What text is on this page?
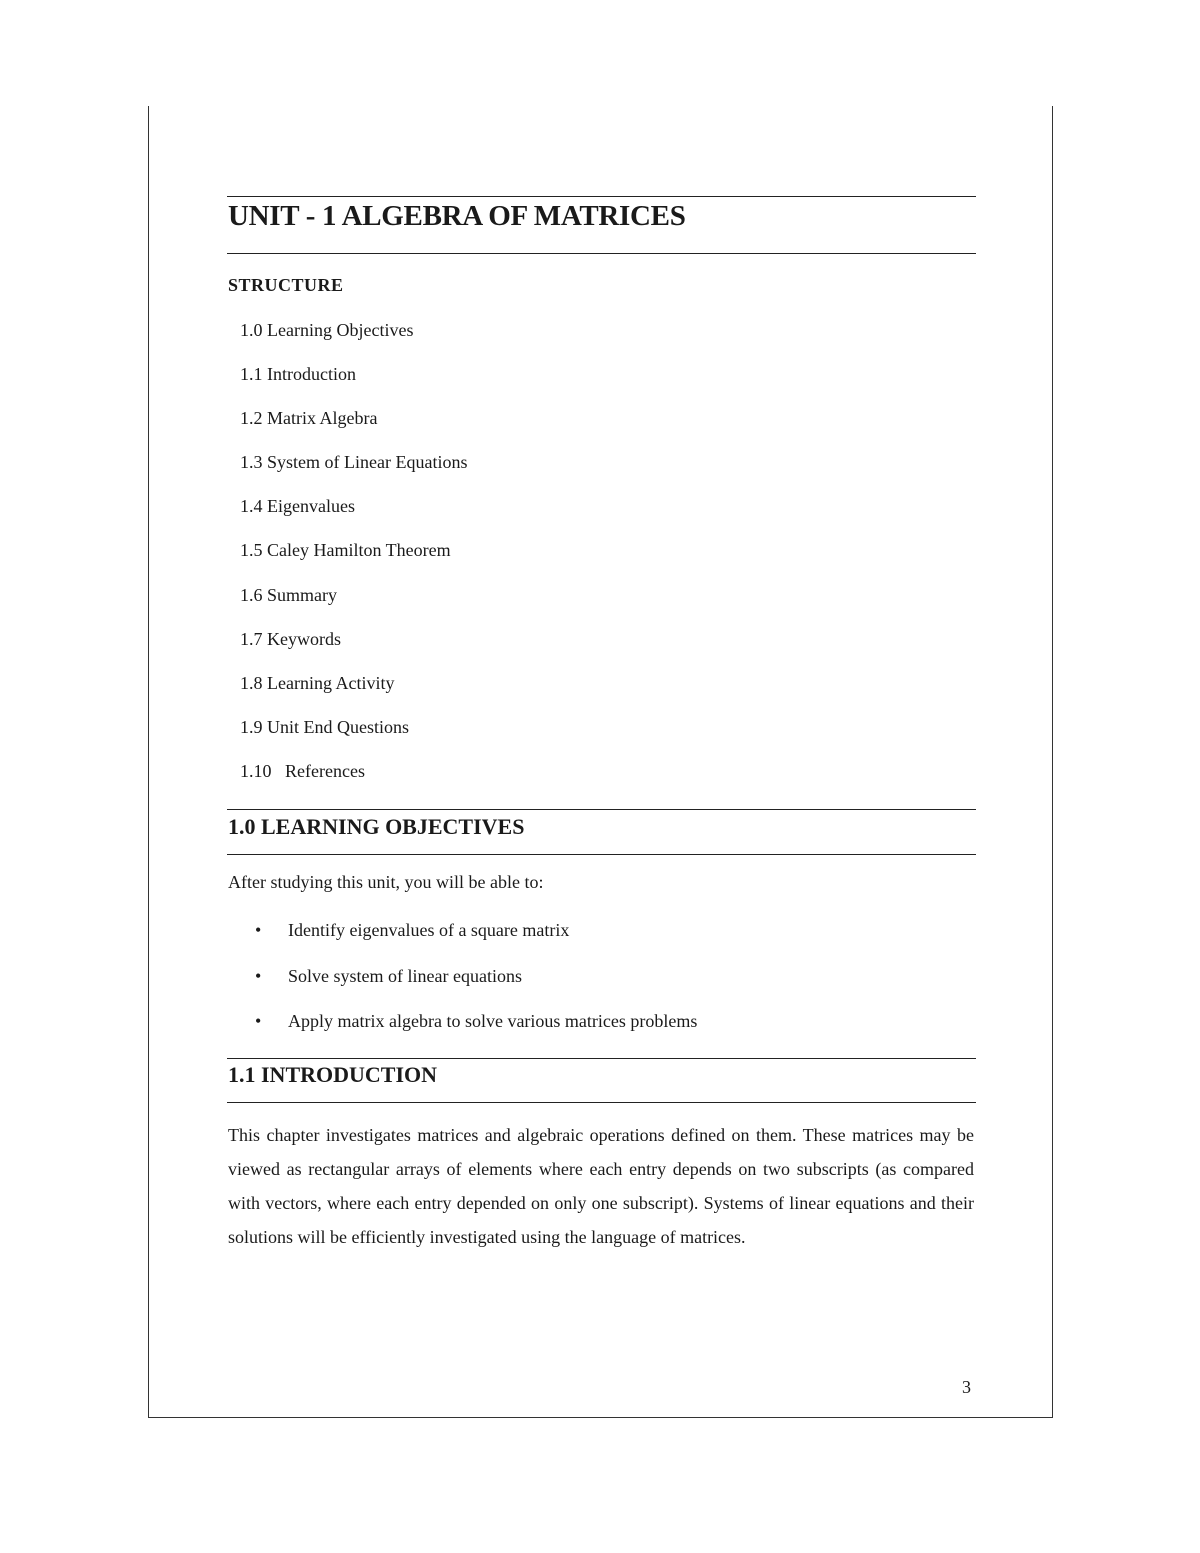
UNIT - 1 ALGEBRA OF MATRICES
STRUCTURE
1.0 Learning Objectives
1.1 Introduction
1.2 Matrix Algebra
1.3 System of Linear Equations
1.4 Eigenvalues
1.5 Caley Hamilton Theorem
1.6 Summary
1.7 Keywords
1.8 Learning Activity
1.9 Unit End Questions
1.10   References
1.0 LEARNING OBJECTIVES
After studying this unit, you will be able to:
•	Identify eigenvalues of a square matrix
•	Solve system of linear equations
•	Apply matrix algebra to solve various matrices problems
1.1 INTRODUCTION

This chapter investigates matrices and algebraic operations defined on them. These matrices may be viewed as rectangular arrays of elements where each entry depends on two subscripts (as compared with vectors, where each entry depended on only one subscript). Systems of linear equations and their solutions will be efficiently investigated using the language of matrices.

3
